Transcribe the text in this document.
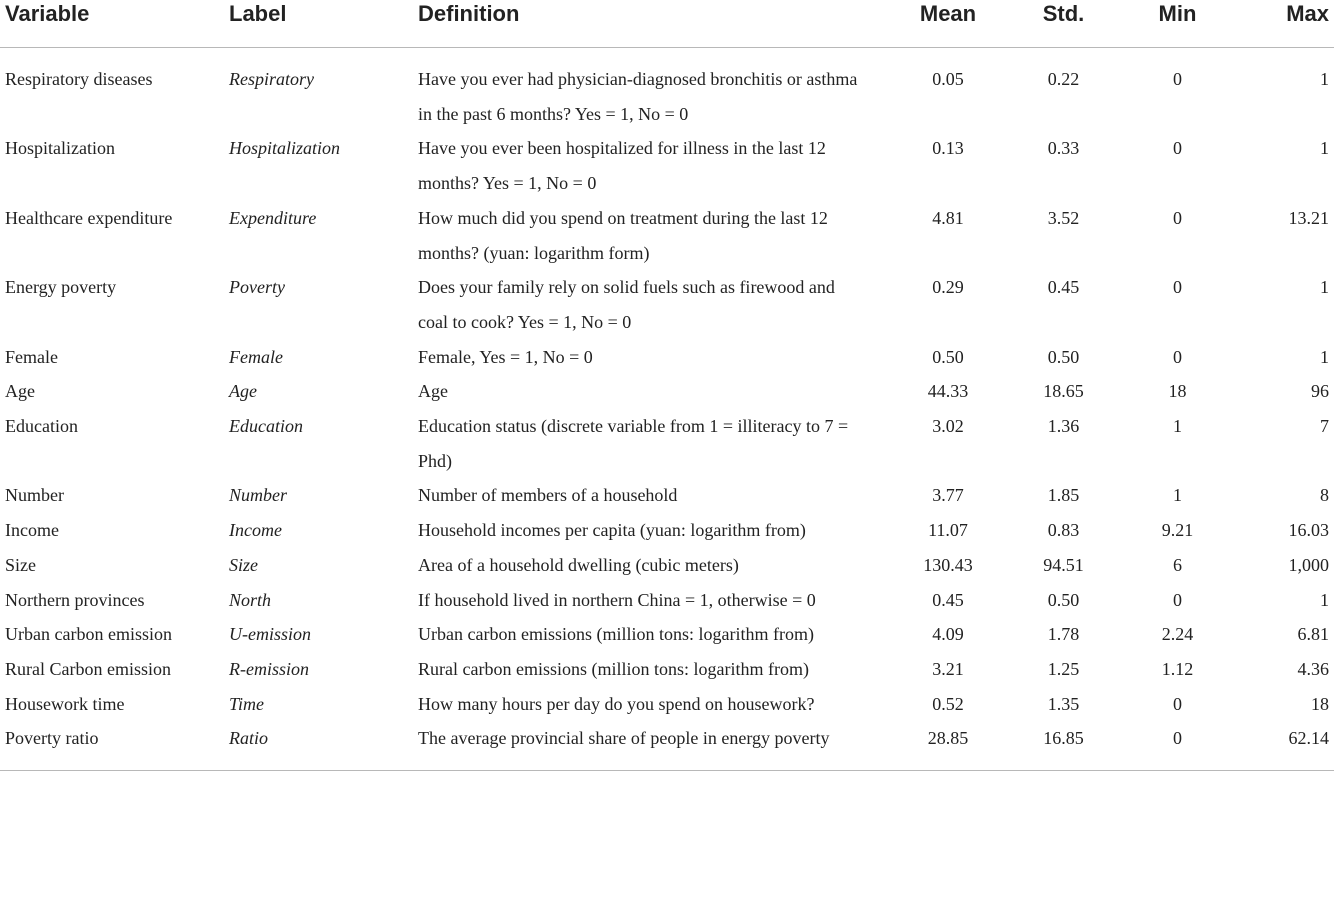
Variable	Label	Definition	Mean	Std.	Min	Max
Respiratory diseases	Respiratory	Have you ever had physician-diagnosed bronchitis or asthma in the past 6 months? Yes = 1, No = 0	0.05	0.22	0	1
Hospitalization	Hospitalization	Have you ever been hospitalized for illness in the last 12 months? Yes = 1, No = 0	0.13	0.33	0	1
Healthcare expenditure	Expenditure	How much did you spend on treatment during the last 12 months? (yuan: logarithm form)	4.81	3.52	0	13.21
Energy poverty	Poverty	Does your family rely on solid fuels such as firewood and coal to cook? Yes = 1, No = 0	0.29	0.45	0	1
Female	Female	Female, Yes = 1, No = 0	0.50	0.50	0	1
Age	Age	Age	44.33	18.65	18	96
Education	Education	Education status (discrete variable from 1 = illiteracy to 7 = Phd)	3.02	1.36	1	7
Number	Number	Number of members of a household	3.77	1.85	1	8
Income	Income	Household incomes per capita (yuan: logarithm from)	11.07	0.83	9.21	16.03
Size	Size	Area of a household dwelling (cubic meters)	130.43	94.51	6	1,000
Northern provinces	North	If household lived in northern China = 1, otherwise = 0	0.45	0.50	0	1
Urban carbon emission	U-emission	Urban carbon emissions (million tons: logarithm from)	4.09	1.78	2.24	6.81
Rural Carbon emission	R-emission	Rural carbon emissions (million tons: logarithm from)	3.21	1.25	1.12	4.36
Housework time	Time	How many hours per day do you spend on housework?	0.52	1.35	0	18
Poverty ratio	Ratio	The average provincial share of people in energy poverty	28.85	16.85	0	62.14
